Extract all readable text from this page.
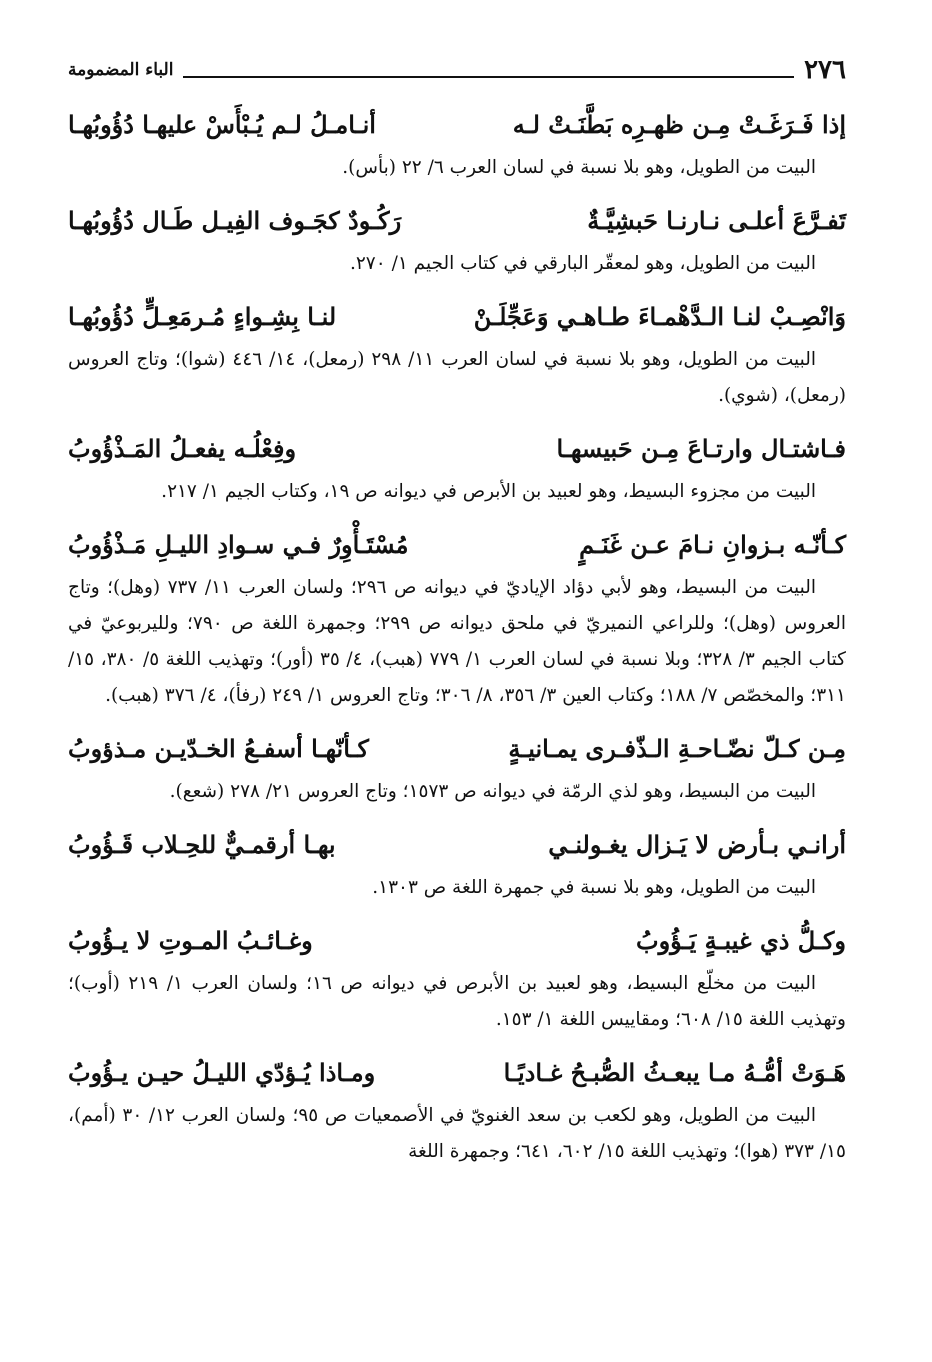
٢٧٦
الباء المضمومة
إذا فَـرَغَـتْ مِـن ظهـرِه بَطَّنَـتْ لـه
أنـامـلُ لـم يُـبْأَسْ عليهـا دُؤُوبُهـا

البيت من الطويل، وهو بلا نسبة في لسان العرب ٦/ ٢٢ (بأس).

تَفـرَّعَ أعلـى نـارنـا حَبشِيَّـةٌ
رَكُـودٌ كجَـوف الفِيـل طَـال دُؤُوبُهـا

البيت من الطويل، وهو لمعقّر البارقي في كتاب الجيم ١/ ٢٧٠.

وَانْصِـبْ لنـا الـدَّهْمـاءَ طـاهـي وَعَجِّلَـنْ
لنـا بِشِـواءٍ مُـرمَعِـلٍّ دُؤُوبُهـا

البيت من الطويل، وهو بلا نسبة في لسان العرب ١١/ ٢٩٨ (رمعل)، ١٤/ ٤٤٦ (شوا)؛ وتاج العروس (رمعل)، (شوي).

فـاشتـال وارتـاعَ مِـن حَبيسهـا
وفِعْلُـه يفعـلُ المَـذْؤُوبُ

البيت من مجزوء البسيط، وهو لعبيد بن الأبرص في ديوانه ص ١٩، وكتاب الجيم ١/ ٢١٧.

كـأنّـه بـزوانِ نـامَ عـن غَنَـمٍ
مُسْتَـأْوِرٌ فـي سـوادِ الليـلِ مَـذْؤُوبُ

البيت من البسيط، وهو لأبي دؤاد الإياديّ في ديوانه ص ٢٩٦؛ ولسان العرب ١١/ ٧٣٧ (وهل)؛ وتاج العروس (وهل)؛ وللراعي النميريّ في ملحق ديوانه ص ٢٩٩؛ وجمهرة اللغة ص ٧٩٠؛ ولليربوعيّ في كتاب الجيم ٣/ ٣٢٨؛ وبلا نسبة في لسان العرب ١/ ٧٧٩ (هبب)، ٤/ ٣٥ (أور)؛ وتهذيب اللغة ٥/ ٣٨٠، ١٥/ ٣١١؛ والمخصّص ٧/ ١٨٨؛ وكتاب العين ٣/ ٣٥٦، ٨/ ٣٠٦؛ وتاج العروس ١/ ٢٤٩ (رفأ)، ٤/ ٣٧٦ (هبب).

مِـن كـلّ نضّـاحـةِ الـذّفـرى يمـانيـةٍ
كـأنّهـا أسفـعُ الخـدّيـن مـذؤوبُ

البيت من البسيط، وهو لذي الرمّة في ديوانه ص ١٥٧٣؛ وتاج العروس ٢١/ ٢٧٨ (شعع).

أرانـي بـأرض لا يَـزال يغـولنـي
بهـا أرقمـيٌّ للحِـلاب قَـؤُوبُ

البيت من الطويل، وهو بلا نسبة في جمهرة اللغة ص ١٣٠٣.

وكـلُّ ذي غيبـةٍ يَـؤُوبُ
وغـائـبُ المـوتِ لا يـؤُوبُ

البيت من مخلّع البسيط، وهو لعبيد بن الأبرص في ديوانه ص ١٦؛ ولسان العرب ١/ ٢١٩ (أوب)؛ وتهذيب اللغة ١٥/ ٦٠٨؛ ومقاييس اللغة ١/ ١٥٣.

هَـوَتْ أمُّـهُ مـا يبعـثُ الصُّبـحُ غـاديًـا
ومـاذا يُـؤدّي الليـلُ حيـن يـؤُوبُ

البيت من الطويل، وهو لكعب بن سعد الغنويّ في الأصمعيات ص ٩٥؛ ولسان العرب ١٢/ ٣٠ (أمم)، ١٥/ ٣٧٣ (هوا)؛ وتهذيب اللغة ١٥/ ٦٠٢، ٦٤١؛ وجمهرة اللغة
